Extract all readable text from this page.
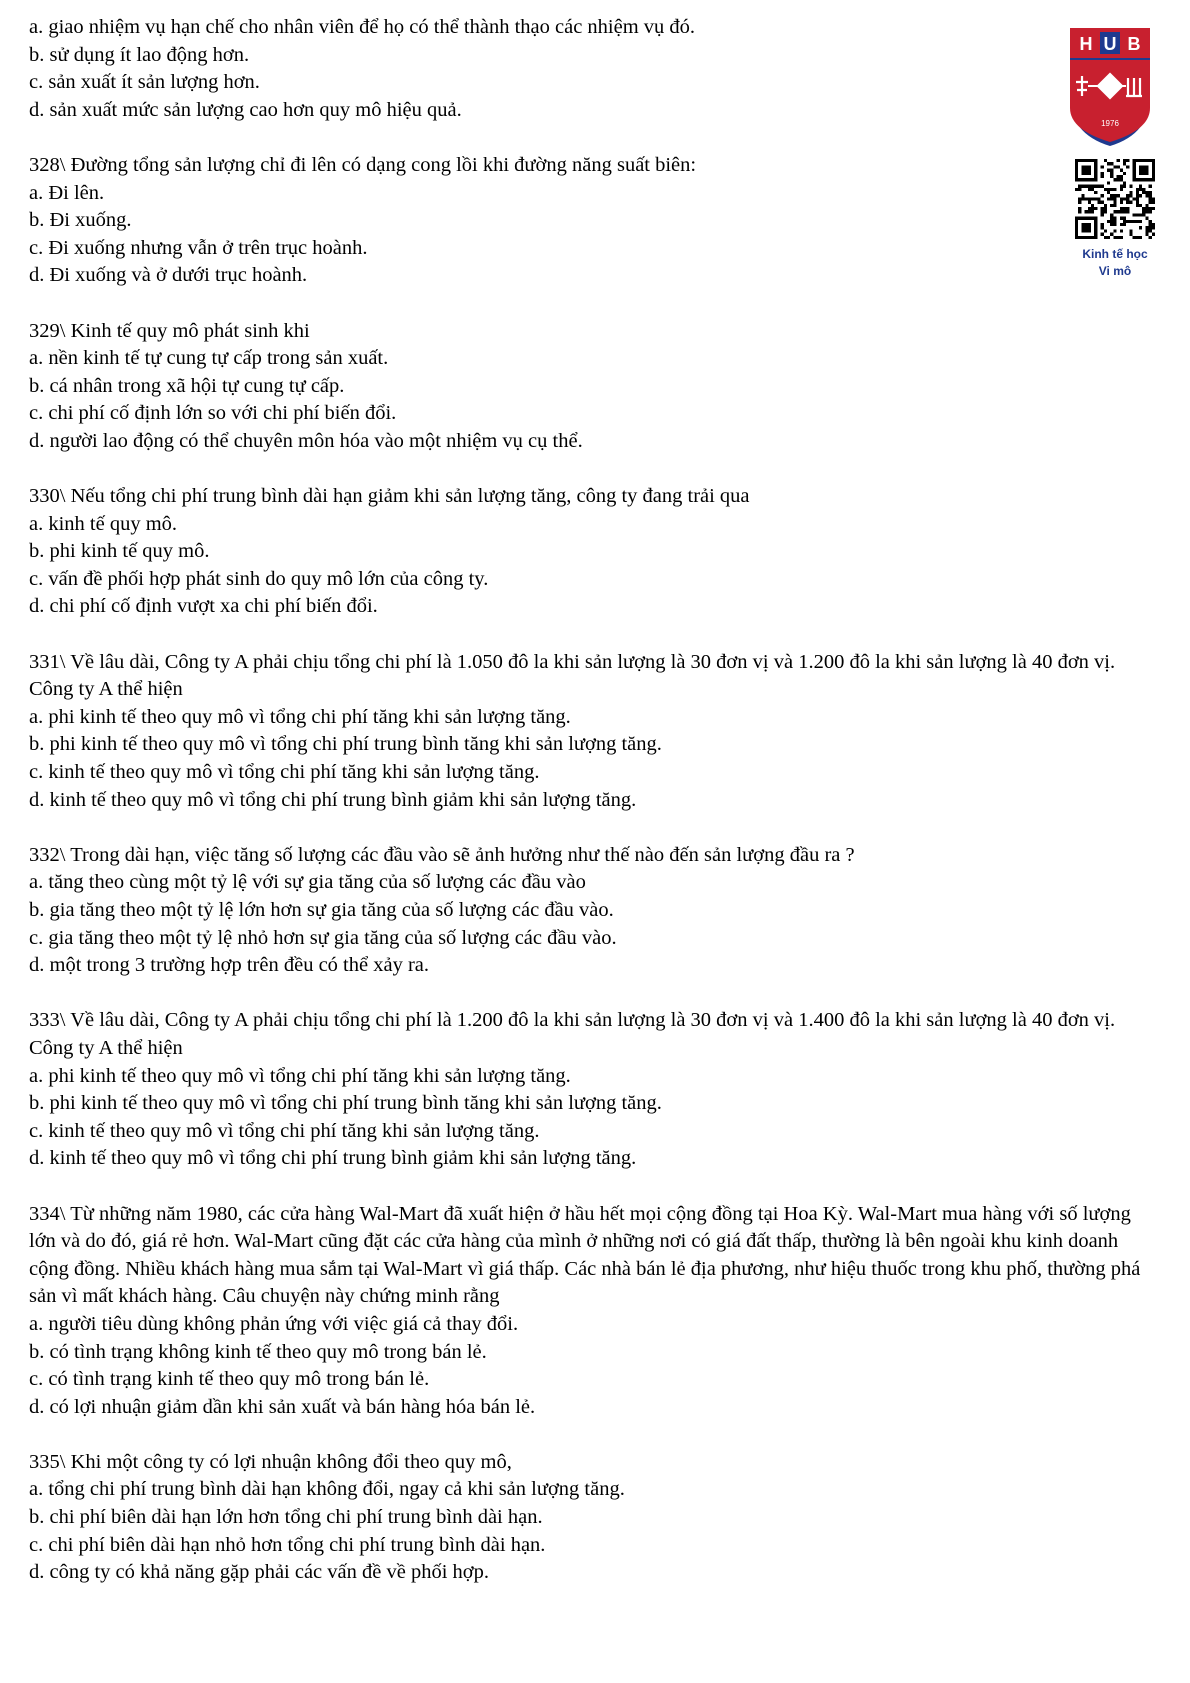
a. giao nhiệm vụ hạn chế cho nhân viên để họ có thể thành thạo các nhiệm vụ đó.
b. sử dụng ít lao động hơn.
c. sản xuất ít sản lượng hơn.
d. sản xuất mức sản lượng cao hơn quy mô hiệu quả.
328\ Đường tổng sản lượng chỉ đi lên có dạng cong lồi khi đường năng suất biên:
a. Đi lên.
b. Đi xuống.
c. Đi xuống nhưng vẫn ở trên trục hoành.
d. Đi xuống và ở dưới trục hoành.
329\ Kinh tế quy mô phát sinh khi
a. nền kinh tế tự cung tự cấp trong sản xuất.
b. cá nhân trong xã hội tự cung tự cấp.
c. chi phí cố định lớn so với chi phí biến đổi.
d. người lao động có thể chuyên môn hóa vào một nhiệm vụ cụ thể.
330\ Nếu tổng chi phí trung bình dài hạn giảm khi sản lượng tăng, công ty đang trải qua
a. kinh tế quy mô.
b. phi kinh tế quy mô.
c. vấn đề phối hợp phát sinh do quy mô lớn của công ty.
d. chi phí cố định vượt xa chi phí biến đổi.
331\ Về lâu dài, Công ty A phải chịu tổng chi phí là 1.050 đô la khi sản lượng là 30 đơn vị và 1.200 đô la khi sản lượng là 40 đơn vị. Công ty A thể hiện
a. phi kinh tế theo quy mô vì tổng chi phí tăng khi sản lượng tăng.
b. phi kinh tế theo quy mô vì tổng chi phí trung bình tăng khi sản lượng tăng.
c. kinh tế theo quy mô vì tổng chi phí tăng khi sản lượng tăng.
d. kinh tế theo quy mô vì tổng chi phí trung bình giảm khi sản lượng tăng.
332\ Trong dài hạn, việc tăng số lượng các đầu vào sẽ ảnh hưởng như thế nào đến sản lượng đầu ra ?
a. tăng theo cùng một tỷ lệ với sự gia tăng của số lượng các đầu vào
b. gia tăng theo một tỷ lệ lớn hơn sự gia tăng của số lượng các đầu vào.
c. gia tăng theo một tỷ lệ nhỏ hơn sự gia tăng của số lượng các đầu vào.
d. một trong 3 trường hợp trên đều có thể xảy ra.
333\ Về lâu dài, Công ty A phải chịu tổng chi phí là 1.200 đô la khi sản lượng là 30 đơn vị và 1.400 đô la khi sản lượng là 40 đơn vị. Công ty A thể hiện
a. phi kinh tế theo quy mô vì tổng chi phí tăng khi sản lượng tăng.
b. phi kinh tế theo quy mô vì tổng chi phí trung bình tăng khi sản lượng tăng.
c. kinh tế theo quy mô vì tổng chi phí tăng khi sản lượng tăng.
d. kinh tế theo quy mô vì tổng chi phí trung bình giảm khi sản lượng tăng.
334\ Từ những năm 1980, các cửa hàng Wal-Mart đã xuất hiện ở hầu hết mọi cộng đồng tại Hoa Kỳ. Wal-Mart mua hàng với số lượng lớn và do đó, giá rẻ hơn. Wal-Mart cũng đặt các cửa hàng của mình ở những nơi có giá đất thấp, thường là bên ngoài khu kinh doanh cộng đồng. Nhiều khách hàng mua sắm tại Wal-Mart vì giá thấp. Các nhà bán lẻ địa phương, như hiệu thuốc trong khu phố, thường phá sản vì mất khách hàng. Câu chuyện này chứng minh rằng
a. người tiêu dùng không phản ứng với việc giá cả thay đổi.
b. có tình trạng không kinh tế theo quy mô trong bán lẻ.
c. có tình trạng kinh tế theo quy mô trong bán lẻ.
d. có lợi nhuận giảm dần khi sản xuất và bán hàng hóa bán lẻ.
335\ Khi một công ty có lợi nhuận không đổi theo quy mô,
a. tổng chi phí trung bình dài hạn không đổi, ngay cả khi sản lượng tăng.
b. chi phí biên dài hạn lớn hơn tổng chi phí trung bình dài hạn.
c. chi phí biên dài hạn nhỏ hơn tổng chi phí trung bình dài hạn.
d. công ty có khả năng gặp phải các vấn đề về phối hợp.
H U B
1976
Kinh tế học
Vi mô
